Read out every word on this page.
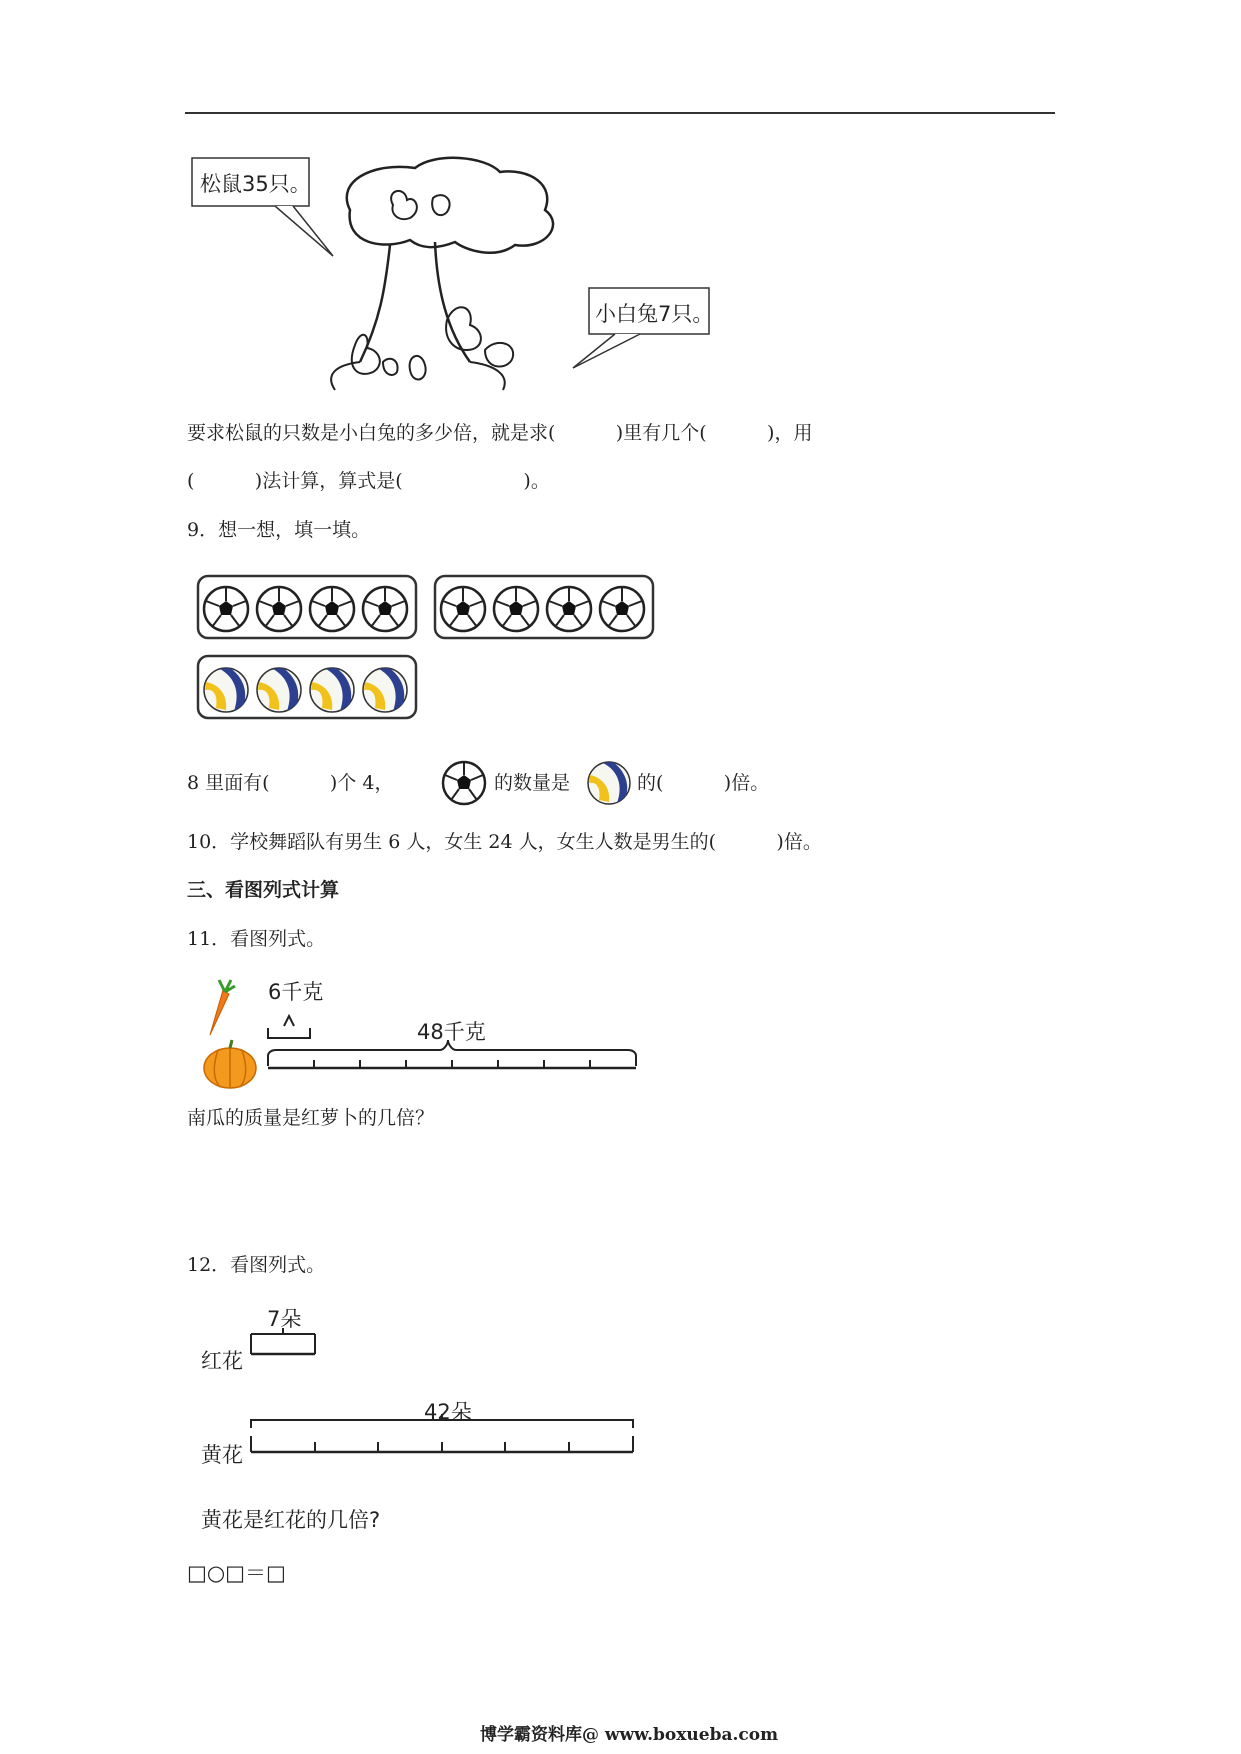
松鼠35只。
小白兔7只。
要求松鼠的只数是小白兔的多少倍，就是求(          )里有几个(          )，用
(          )法计算，算式是(                    )。
9．想一想，填一填。
8 里面有(          )个 4，	的数量是	的(          )倍。
10．学校舞蹈队有男生 6 人，女生 24 人，女生人数是男生的(          )倍。
三、看图列式计算
11．看图列式。
6千克
48千克
南瓜的质量是红萝卜的几倍？
12．看图列式。
7朵
红花
42朵
黄花
黄花是红花的几倍?
□○□＝□
博学霸资料库@ www.boxueba.com
